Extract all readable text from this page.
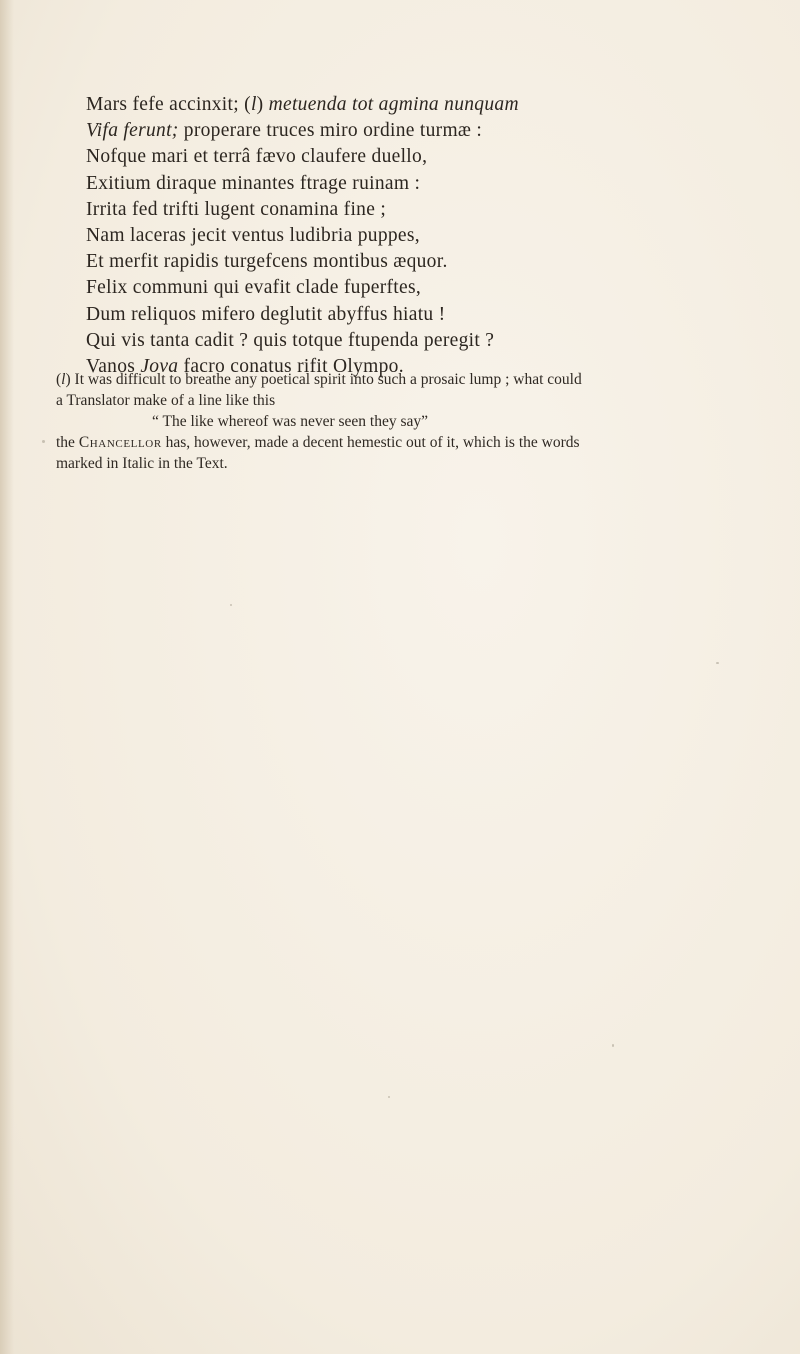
Mars fefe accinxit; (l) metuenda tot agmina nunquam

Vifa ferunt; properare truces miro ordine turmæ :

Nofque mari et terrâ fævo claufere duello,

Exitium diraque minantes ftrage ruinam :

Irrita fed trifti lugent conamina fine ;

Nam laceras jecit ventus ludibria puppes,

Et merfit rapidis turgefcens montibus æquor.

Felix communi qui evafit clade fuperftes,

Dum reliquos mifero deglutit abyffus hiatu !

Qui vis tanta cadit ? quis totque ftupenda peregit ?

Vanos Jova facro conatus rifit Olympo.

(l) It was difficult to breathe any poetical spirit into such a prosaic lump ; what could

a Translator make of a line like this

“ The like whereof was never seen they say”

the Chancellor has, however, made a decent hemestic out of it, which is the words

marked in Italic in the Text.
